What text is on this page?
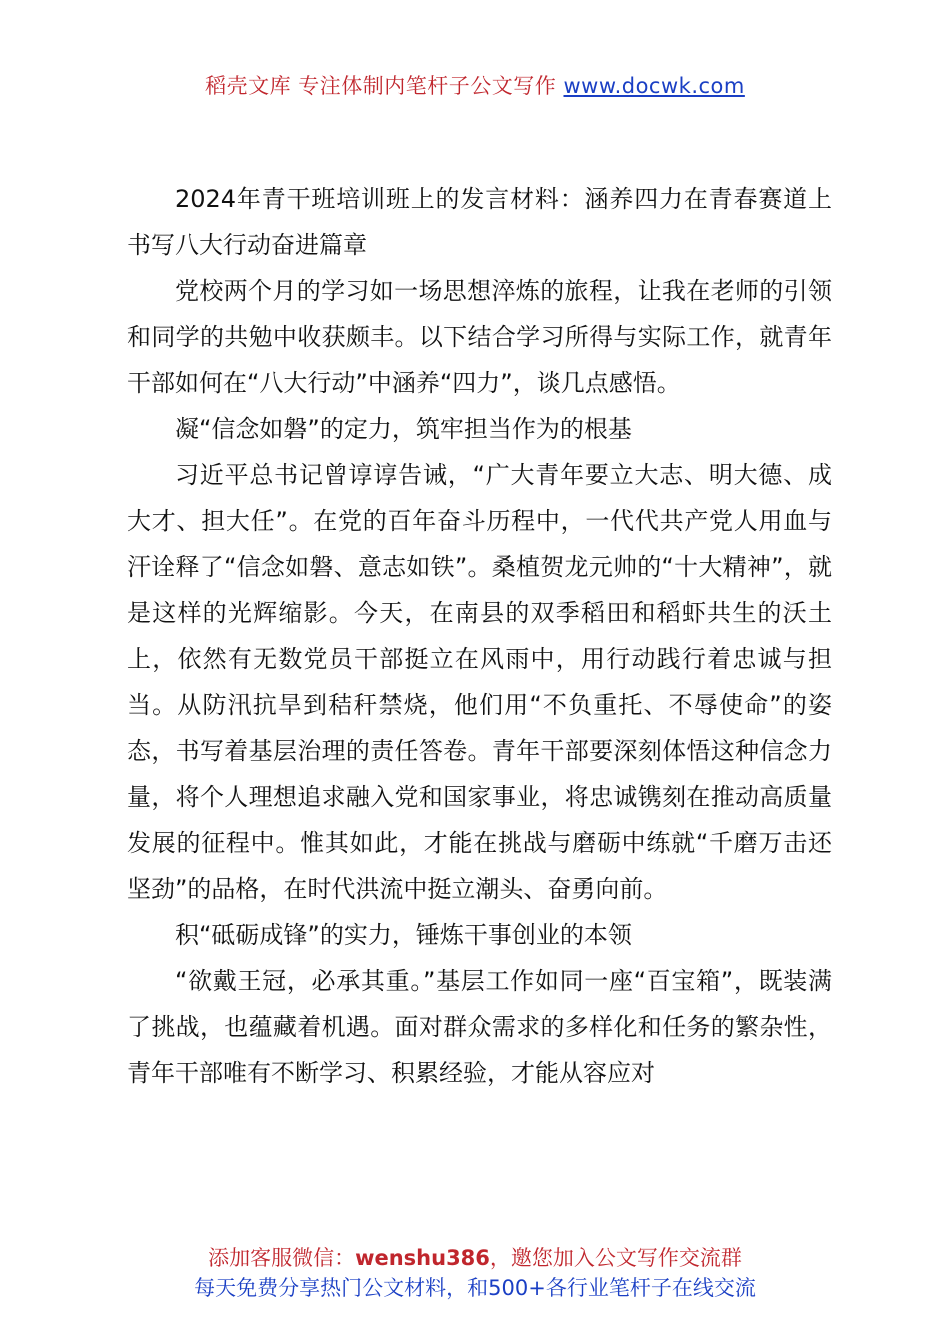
稻壳文库 专注体制内笔杆子公文写作 www.docwk.com

2024年青干班培训班上的发言材料：涵养四力在青春赛道上书写八大行动奋进篇章

党校两个月的学习如一场思想淬炼的旅程，让我在老师的引领和同学的共勉中收获颇丰。以下结合学习所得与实际工作，就青年干部如何在“八大行动”中涵养“四力”，谈几点感悟。

凝“信念如磐”的定力，筑牢担当作为的根基

习近平总书记曾谆谆告诫，“广大青年要立大志、明大德、成大才、担大任”。在党的百年奋斗历程中，一代代共产党人用血与汗诠释了“信念如磐、意志如铁”。桑植贺龙元帅的“十大精神”，就是这样的光辉缩影。今天，在南县的双季稻田和稻虾共生的沃土上，依然有无数党员干部挺立在风雨中，用行动践行着忠诚与担当。从防汛抗旱到秸秆禁烧，他们用“不负重托、不辱使命”的姿态，书写着基层治理的责任答卷。青年干部要深刻体悟这种信念力量，将个人理想追求融入党和国家事业，将忠诚镌刻在推动高质量发展的征程中。惟其如此，才能在挑战与磨砺中练就“千磨万击还坚劲”的品格，在时代洪流中挺立潮头、奋勇向前。

积“砥砺成锋”的实力，锤炼干事创业的本领

“欲戴王冠，必承其重。”基层工作如同一座“百宝箱”，既装满了挑战，也蕴藏着机遇。面对群众需求的多样化和任务的繁杂性，青年干部唯有不断学习、积累经验，才能从容应对

添加客服微信：wenshu386，邀您加入公文写作交流群
每天免费分享热门公文材料，和500+各行业笔杆子在线交流
